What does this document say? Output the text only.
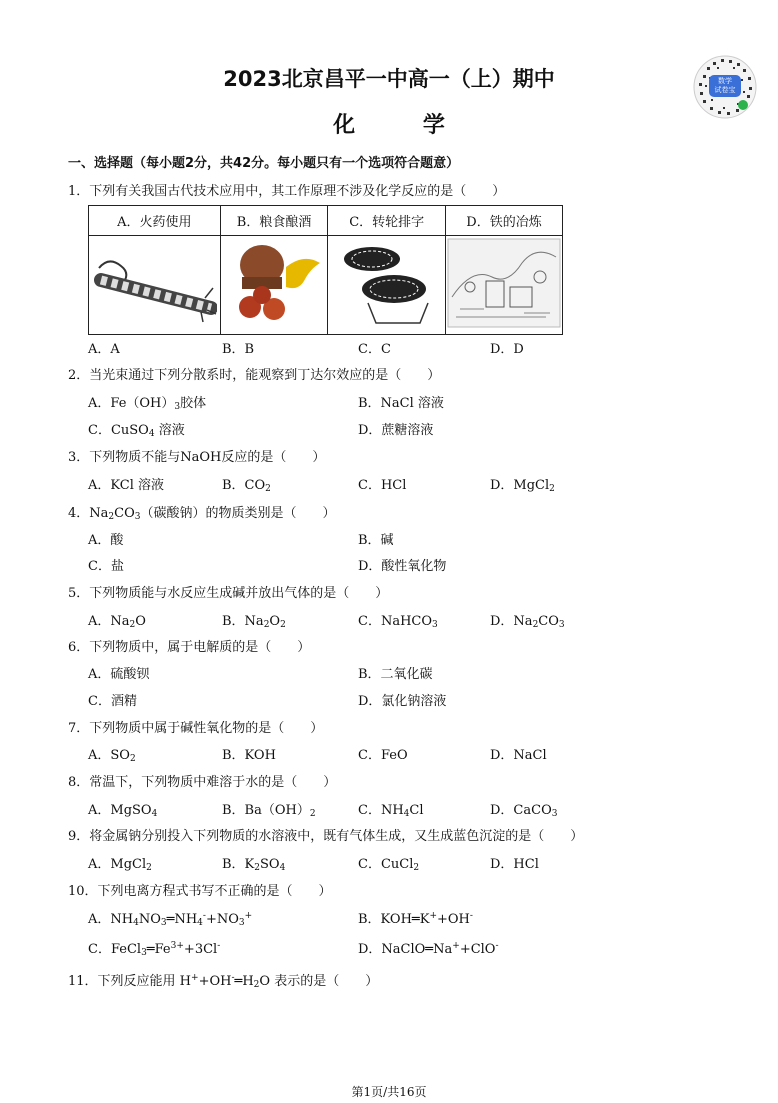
2023北京昌平一中高一（上）期中
化 学
数学
试卷宝
一、选择题（每小题2分，共42分。每小题只有一个选项符合题意）
1．下列有关我国古代技术应用中，其工作原理不涉及化学反应的是（　　）
A．火药使用	B．粮食酿酒	C．转轮排字	D．铁的冶炼

A．A	B．B	C．C	D．D
2．当光束通过下列分散系时，能观察到丁达尔效应的是（　　）
A．$Fe(OH)_3$胶体	B．NaCl 溶液
C．CuSO$_4$ 溶液	D．蔗糖溶液
3．下列物质不能与NaOH反应的是（　　）
A．KCl 溶液	B．$CO_2$	C．HCl	D．MgCl$_2$
4．$Na_2CO_3$（碳酸钠）的物质类别是（　　）
A．酸	B．碱
C．盐	D．酸性氧化物
5．下列物质能与水反应生成碱并放出气体的是（　　）
A．$Na_2O$	B．$Na_2O_2$	C．NaHCO$_3$	D．$Na_2CO_3$
6．下列物质中，属于电解质的是（　　）
A．硫酸钡	B．二氧化碳
C．酒精	D．氯化钠溶液
7．下列物质中属于碱性氧化物的是（　　）
A．$SO_2$	B．KOH	C．FeO	D．NaCl
8．常温下，下列物质中难溶于水的是（　　）
A．MgSO$_4$	B．$Ba(OH)_2$	C．$NH_4Cl$	D．CaCO$_3$
9．将金属钠分别投入下列物质的水溶液中，既有气体生成，又生成蓝色沉淀的是（　　）
A．MgCl$_2$	B．$K_2SO_4$	C．CuCl$_2$	D．HCl
10．下列电离方程式书写不正确的是（　　）
A．$NH_4NO_3═NH_4^-+NO_3^+$	B．KOH═K++OH-
C．$FeCl_3═Fe^{3+}+3Cl^-$	D．NaClO═Na++ClO-
11．下列反应能用 $H^++OH^-═H_2O$ 表示的是（　　）
第1页/共16页
